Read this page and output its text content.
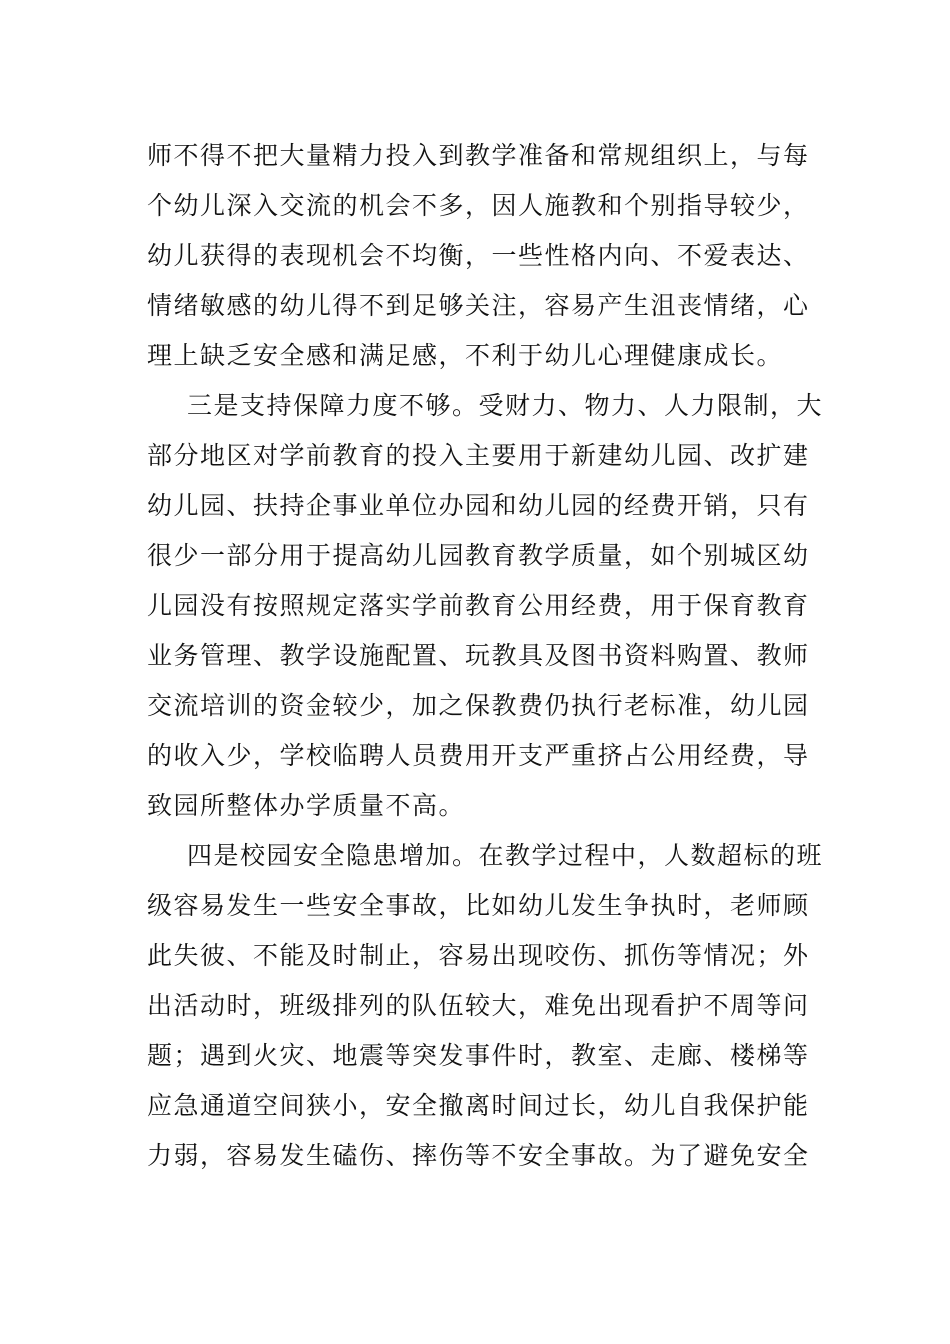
师不得不把大量精力投入到教学准备和常规组织上，与每
个幼儿深入交流的机会不多，因人施教和个别指导较少，
幼儿获得的表现机会不均衡，一些性格内向、不爱表达、
情绪敏感的幼儿得不到足够关注，容易产生沮丧情绪，心
理上缺乏安全感和满足感，不利于幼儿心理健康成长。
三是支持保障力度不够。受财力、物力、人力限制，大
部分地区对学前教育的投入主要用于新建幼儿园、改扩建
幼儿园、扶持企事业单位办园和幼儿园的经费开销，只有
很少一部分用于提高幼儿园教育教学质量，如个别城区幼
儿园没有按照规定落实学前教育公用经费，用于保育教育
业务管理、教学设施配置、玩教具及图书资料购置、教师
交流培训的资金较少，加之保教费仍执行老标准，幼儿园
的收入少，学校临聘人员费用开支严重挤占公用经费，导
致园所整体办学质量不高。
四是校园安全隐患增加。在教学过程中，人数超标的班
级容易发生一些安全事故，比如幼儿发生争执时，老师顾
此失彼、不能及时制止，容易出现咬伤、抓伤等情况；外
出活动时，班级排列的队伍较大，难免出现看护不周等问
题；遇到火灾、地震等突发事件时，教室、走廊、楼梯等
应急通道空间狭小，安全撤离时间过长，幼儿自我保护能
力弱，容易发生磕伤、摔伤等不安全事故。为了避免安全
